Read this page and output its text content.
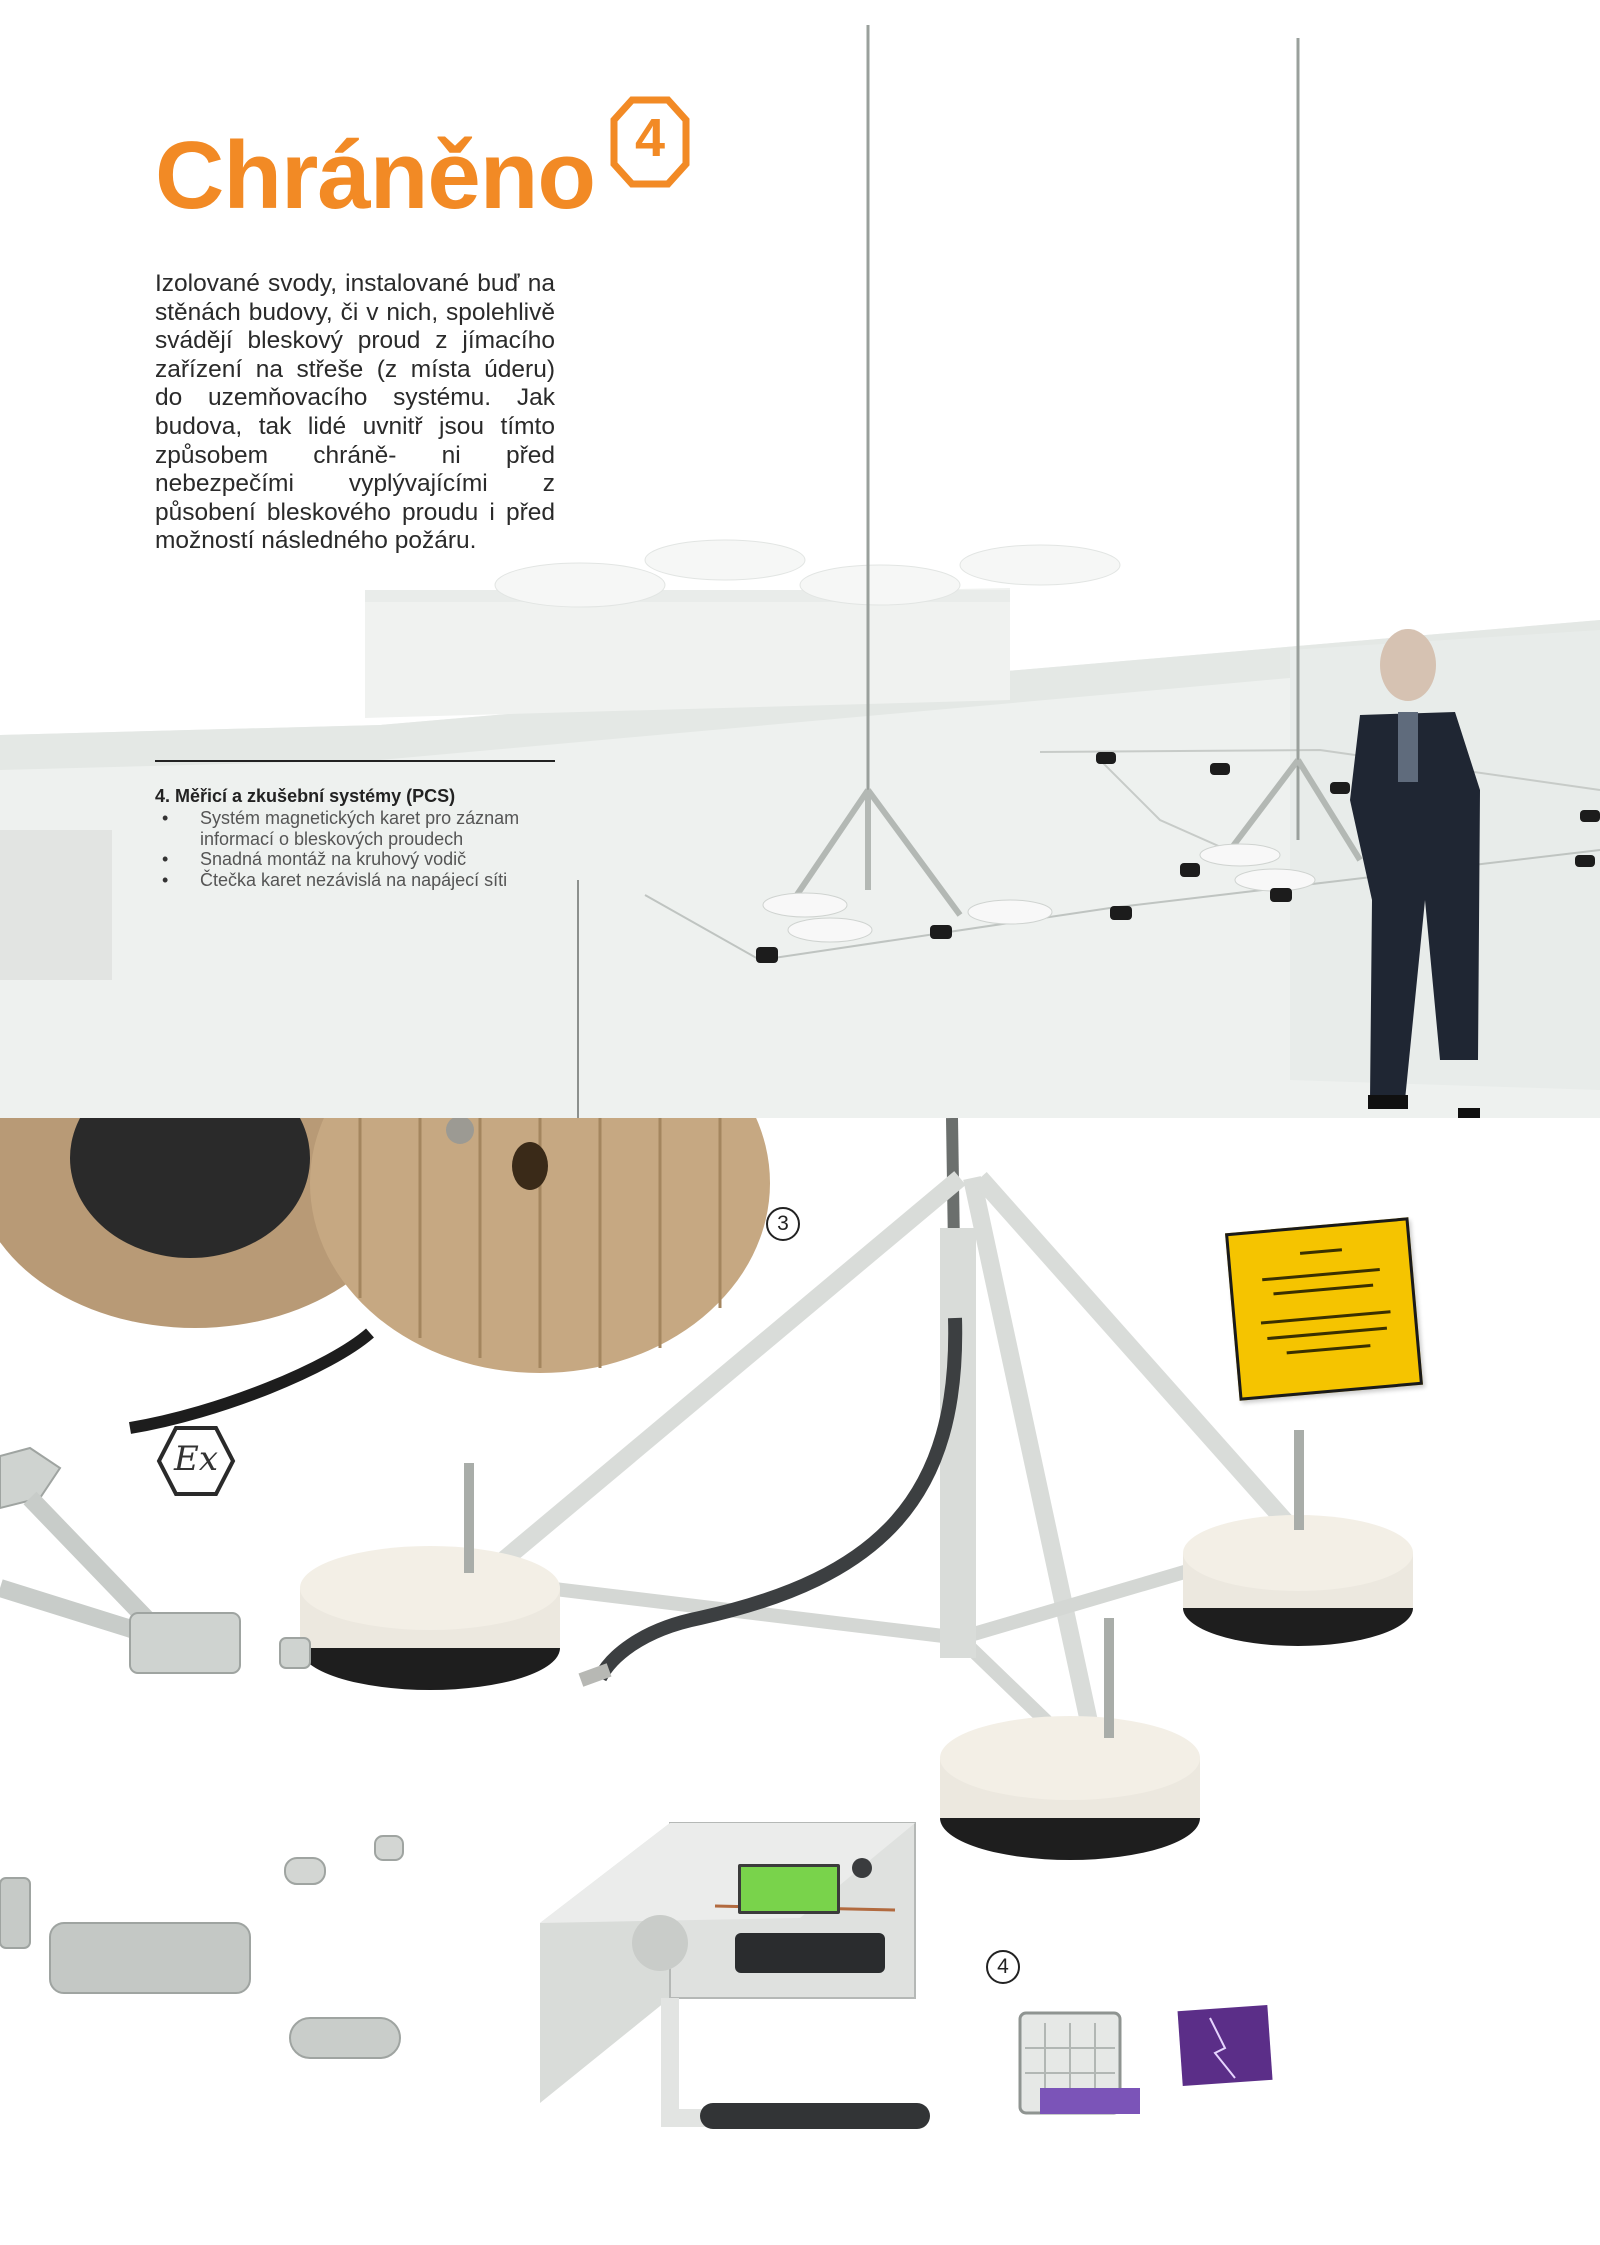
Chráněno 4

Izolované svody, instalované buď na stěnách budovy, či v nich, spolehlivě svádějí bleskový proud z jímacího zařízení na střeše (z místa úderu) do uzemňovacího systému. Jak budova, tak lidé uvnitř jsou tímto způsobem chráně- ni před nebezpečími vyplývajícími z působení bleskového proudu i před možností následného požáru.

4. Měřicí a zkušební systémy (PCS)
• Systém magnetických karet pro záznam
informací o bleskových proudech
• Snadná montáž na kruhový vodič
• Čtečka karet nezávislá na napájecí síti
Ex
3
4
